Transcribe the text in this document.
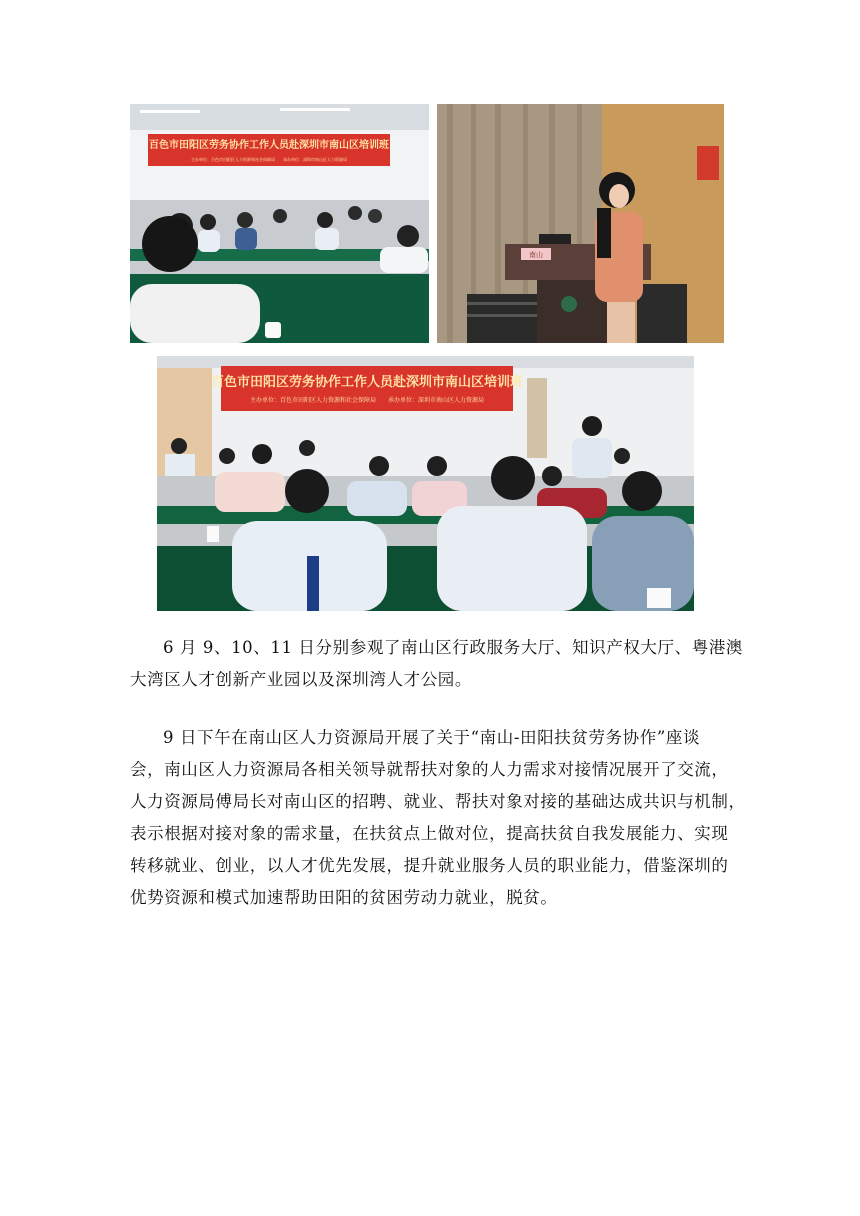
百色市田阳区劳务协作工作人员赴深圳市南山区培训班
主办单位：百色市田阳区人力资源和社会保障局　　承办单位：深圳市南山区人力资源局
南山
百色市田阳区劳务协作工作人员赴深圳市南山区培训班
主办单位：百色市田阳区人力资源和社会保障局　　承办单位：深圳市南山区人力资源局

6 月 9、10、11 日分别参观了南山区行政服务大厅、知识产权大厅、粤港澳
大湾区人才创新产业园以及深圳湾人才公园。

9 日下午在南山区人力资源局开展了关于“南山-田阳扶贫劳务协作”座谈
会，南山区人力资源局各相关领导就帮扶对象的人力需求对接情况展开了交流，
人力资源局傅局长对南山区的招聘、就业、帮扶对象对接的基础达成共识与机制，
表示根据对接对象的需求量，在扶贫点上做对位，提高扶贫自我发展能力、实现
转移就业、创业，以人才优先发展，提升就业服务人员的职业能力，借鉴深圳的
优势资源和模式加速帮助田阳的贫困劳动力就业，脱贫。
